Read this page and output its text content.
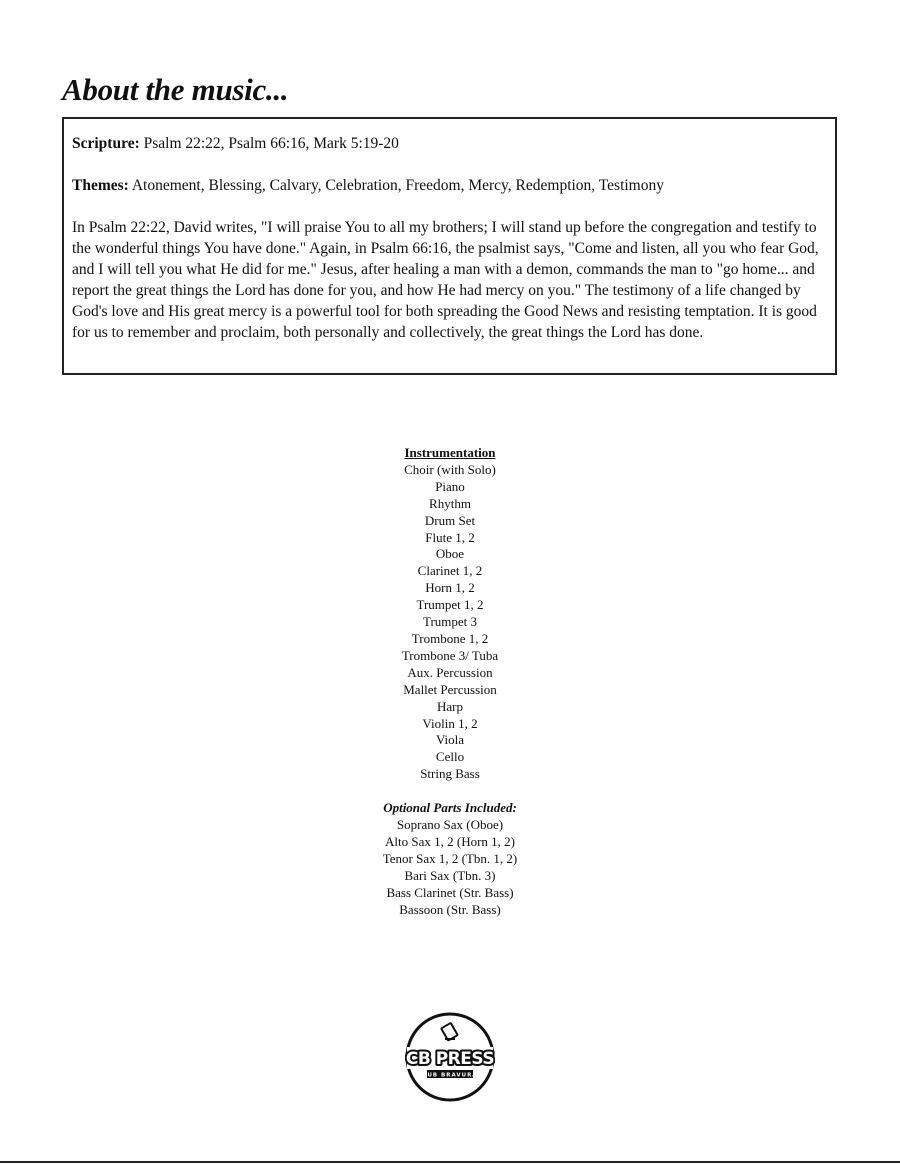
About the music...

Scripture: Psalm 22:22, Psalm 66:16, Mark 5:19-20

Themes: Atonement, Blessing, Calvary, Celebration, Freedom, Mercy, Redemption, Testimony

In Psalm 22:22, David writes, "I will praise You to all my brothers; I will stand up before the congregation and testify to the wonderful things You have done." Again, in Psalm 66:16, the psalmist says, "Come and listen, all you who fear God, and I will tell you what He did for me." Jesus, after healing a man with a demon, commands the man to "go home... and report the great things the Lord has done for you, and how He had mercy on you." The testimony of a life changed by God's love and His great mercy is a powerful tool for both spreading the Good News and resisting temptation. It is good for us to remember and proclaim, both personally and collectively, the great things the Lord has done.

Instrumentation
Choir (with Solo)
Piano
Rhythm
Drum Set
Flute 1, 2
Oboe
Clarinet 1, 2
Horn 1, 2
Trumpet 1, 2
Trumpet 3
Trombone 1, 2
Trombone 3/ Tuba
Aux. Percussion
Mallet Percussion
Harp
Violin 1, 2
Viola
Cello
String Bass
Optional Parts Included:
Soprano Sax (Oboe)
Alto Sax 1, 2 (Horn 1, 2)
Tenor Sax 1, 2 (Tbn. 1, 2)
Bari Sax (Tbn. 3)
Bass Clarinet (Str. Bass)
Bassoon (Str. Bass)
CB PRESS
CUB BRAVURA
